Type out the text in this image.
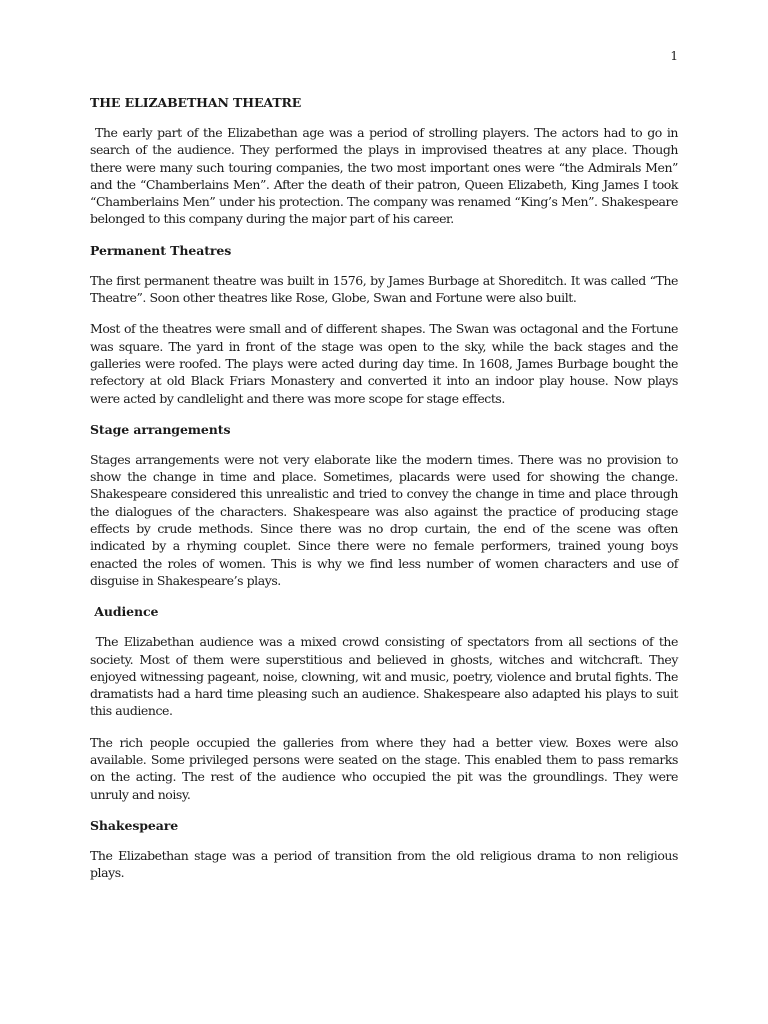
1
THE ELIZABETHAN THEATRE

The early part of the Elizabethan age was a period of strolling players. The actors had to go in search of the audience. They performed the plays in improvised theatres at any place. Though there were many such touring companies, the two most important ones were “the Admirals Men” and the “Chamberlains Men”. After the death of their patron, Queen Elizabeth, King James I took “Chamberlains Men” under his protection. The company was renamed “King’s Men”. Shakespeare belonged to this company during the major part of his career.

Permanent Theatres

The first permanent theatre was built in 1576, by James Burbage at Shoreditch. It was called “The Theatre”. Soon other theatres like Rose, Globe, Swan and Fortune were also built.

Most of the theatres were small and of different shapes. The Swan was octagonal and the Fortune was square. The yard in front of the stage was open to the sky, while the back stages and the galleries were roofed. The plays were acted during day time. In 1608, James Burbage bought the refectory at old Black Friars Monastery and converted it into an indoor play house. Now plays were acted by candlelight and there was more scope for stage effects.

Stage arrangements

Stages arrangements were not very elaborate like the modern times. There was no provision to show the change in time and place. Sometimes, placards were used for showing the change. Shakespeare considered this unrealistic and tried to convey the change in time and place through the dialogues of the characters. Shakespeare was also against the practice of producing stage effects by crude methods. Since there was no drop curtain, the end of the scene was often indicated by a rhyming couplet. Since there were no female performers, trained young boys enacted the roles of women. This is why we find less number of women characters and use of disguise in Shakespeare’s plays.

Audience

The Elizabethan audience was a mixed crowd consisting of spectators from all sections of the society. Most of them were superstitious and believed in ghosts, witches and witchcraft. They enjoyed witnessing pageant, noise, clowning, wit and music, poetry, violence and brutal fights. The dramatists had a hard time pleasing such an audience. Shakespeare also adapted his plays to suit this audience.

The rich people occupied the galleries from where they had a better view. Boxes were also available. Some privileged persons were seated on the stage. This enabled them to pass remarks on the acting. The rest of the audience who occupied the pit was the groundlings. They were unruly and noisy.

Shakespeare

The Elizabethan stage was a period of transition from the old religious drama to non religious plays.
